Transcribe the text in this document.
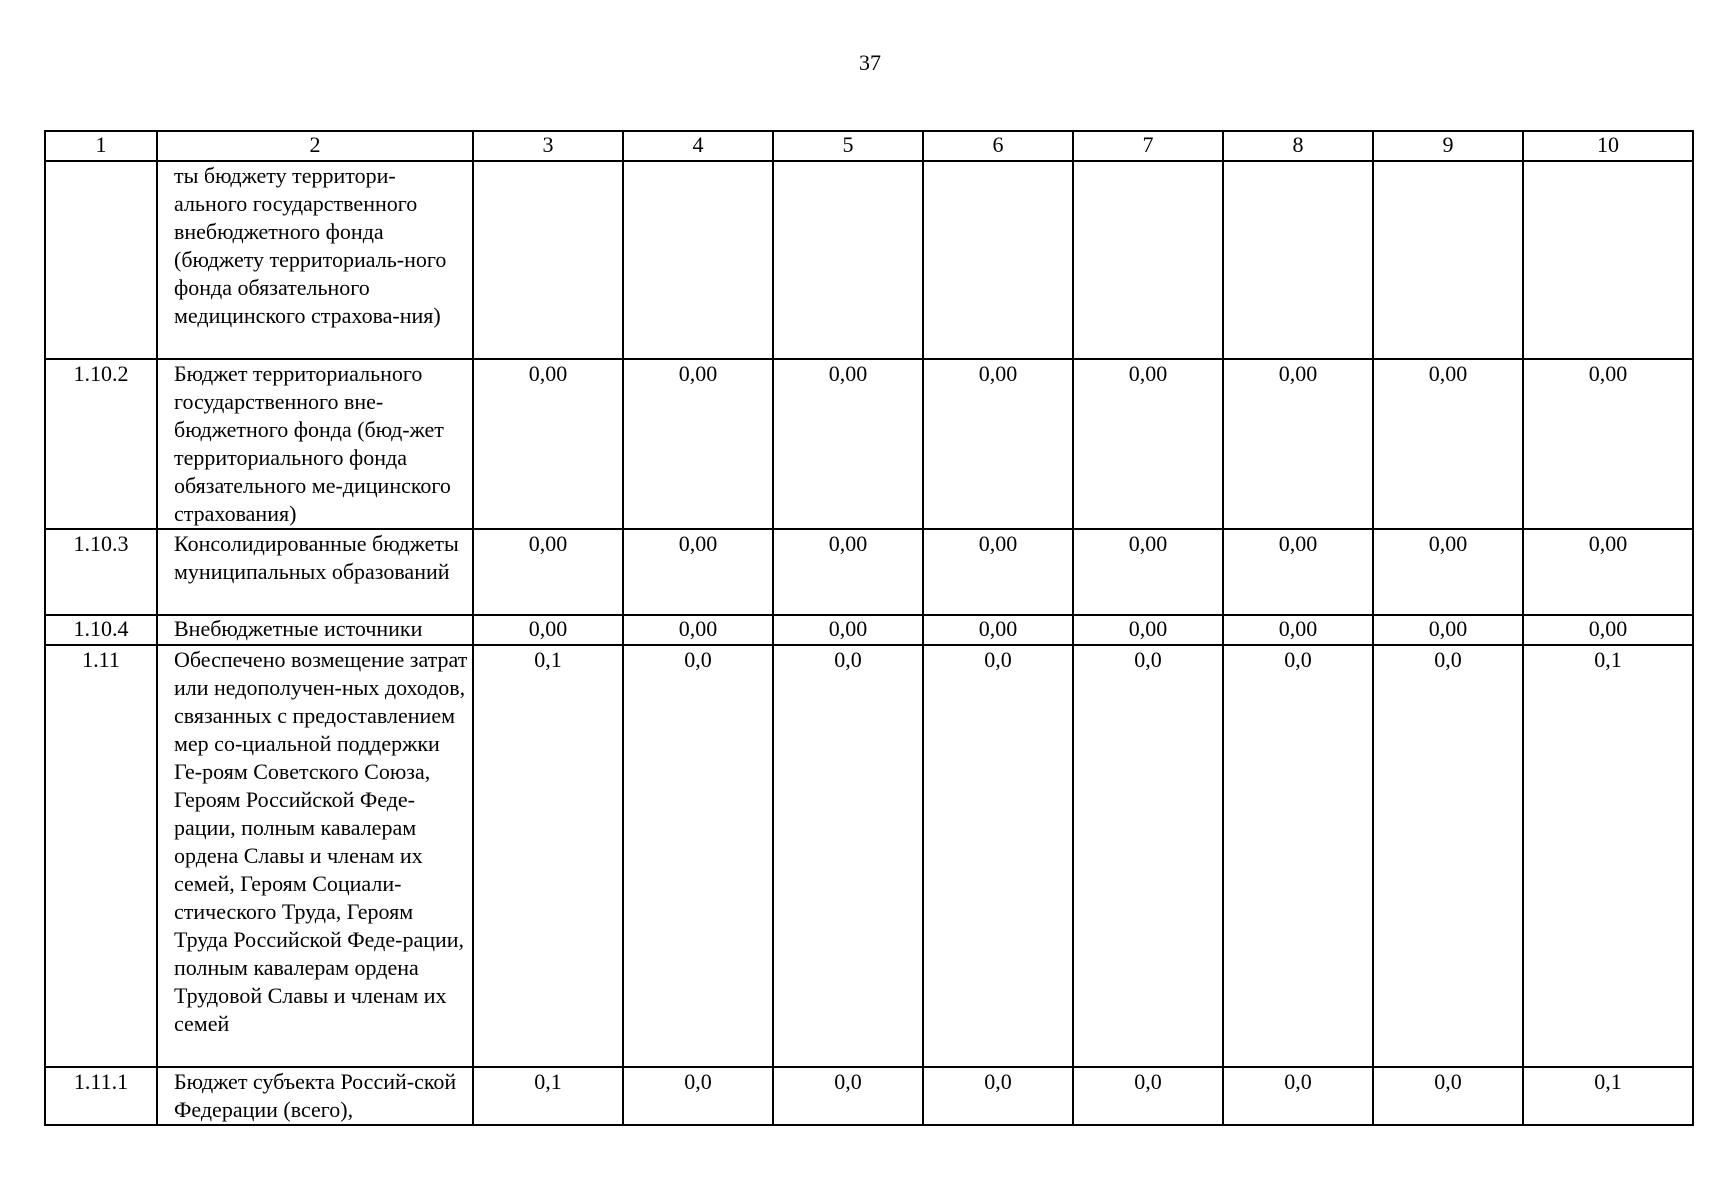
37
1	2	3	4	5	6	7	8	9	10
	ты бюджету территори-ального государственного внебюджетного фонда (бюджету территориаль-ного фонда обязательного медицинского страхова-ния)								
1.10.2	Бюджет территориального государственного вне-бюджетного фонда (бюд-жет территориального фонда обязательного ме-дицинского страхования)	0,00	0,00	0,00	0,00	0,00	0,00	0,00	0,00
1.10.3	Консолидированные бюджеты муниципальных образований	0,00	0,00	0,00	0,00	0,00	0,00	0,00	0,00
1.10.4	Внебюджетные источники	0,00	0,00	0,00	0,00	0,00	0,00	0,00	0,00
1.11	Обеспечено возмещение затрат или недополучен-ных доходов, связанных с предоставлением мер со-циальной поддержки Ге-роям Советского Союза, Героям Российской Феде-рации, полным кавалерам ордена Славы и членам их семей, Героям Социали-стического Труда, Героям Труда Российской Феде-рации, полным кавалерам ордена Трудовой Славы и членам их семей	0,1	0,0	0,0	0,0	0,0	0,0	0,0	0,1
1.11.1	Бюджет субъекта Россий-ской Федерации (всего),	0,1	0,0	0,0	0,0	0,0	0,0	0,0	0,1
